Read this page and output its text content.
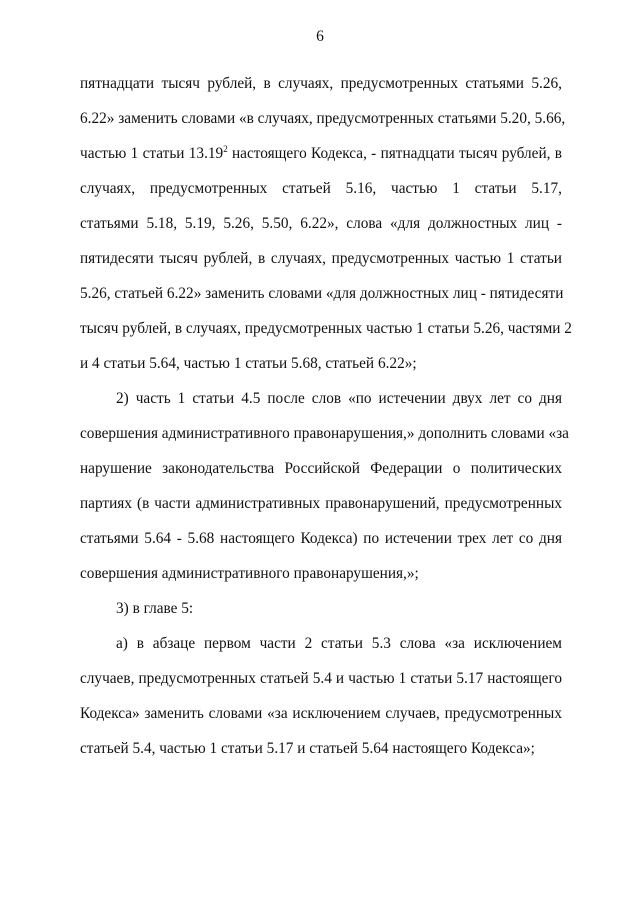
6
пятнадцати тысяч рублей, в случаях, предусмотренных статьями 5.26,
6.22» заменить словами «в случаях, предусмотренных статьями 5.20, 5.66,
частью 1 статьи 13.19$^2$ настоящего Кодекса, - пятнадцати тысяч рублей, в
случаях, предусмотренных статьей 5.16, частью 1 статьи 5.17,
статьями 5.18, 5.19, 5.26, 5.50, 6.22», слова «для должностных лиц -
пятидесяти тысяч рублей, в случаях, предусмотренных частью 1 статьи
5.26, статьей 6.22» заменить словами «для должностных лиц - пятидесяти
тысяч рублей, в случаях, предусмотренных частью 1 статьи 5.26, частями 2
и 4 статьи 5.64, частью 1 статьи 5.68, статьей 6.22»;
2) часть 1 статьи 4.5 после слов «по истечении двух лет со дня
совершения административного правонарушения,» дополнить словами «за
нарушение законодательства Российской Федерации о политических
партиях (в части административных правонарушений, предусмотренных
статьями 5.64 - 5.68 настоящего Кодекса) по истечении трех лет со дня
совершения административного правонарушения,»;
3) в главе 5:
а) в абзаце первом части 2 статьи 5.3 слова «за исключением
случаев, предусмотренных статьей 5.4 и частью 1 статьи 5.17 настоящего
Кодекса» заменить словами «за исключением случаев, предусмотренных
статьей 5.4, частью 1 статьи 5.17 и статьей 5.64 настоящего Кодекса»;
